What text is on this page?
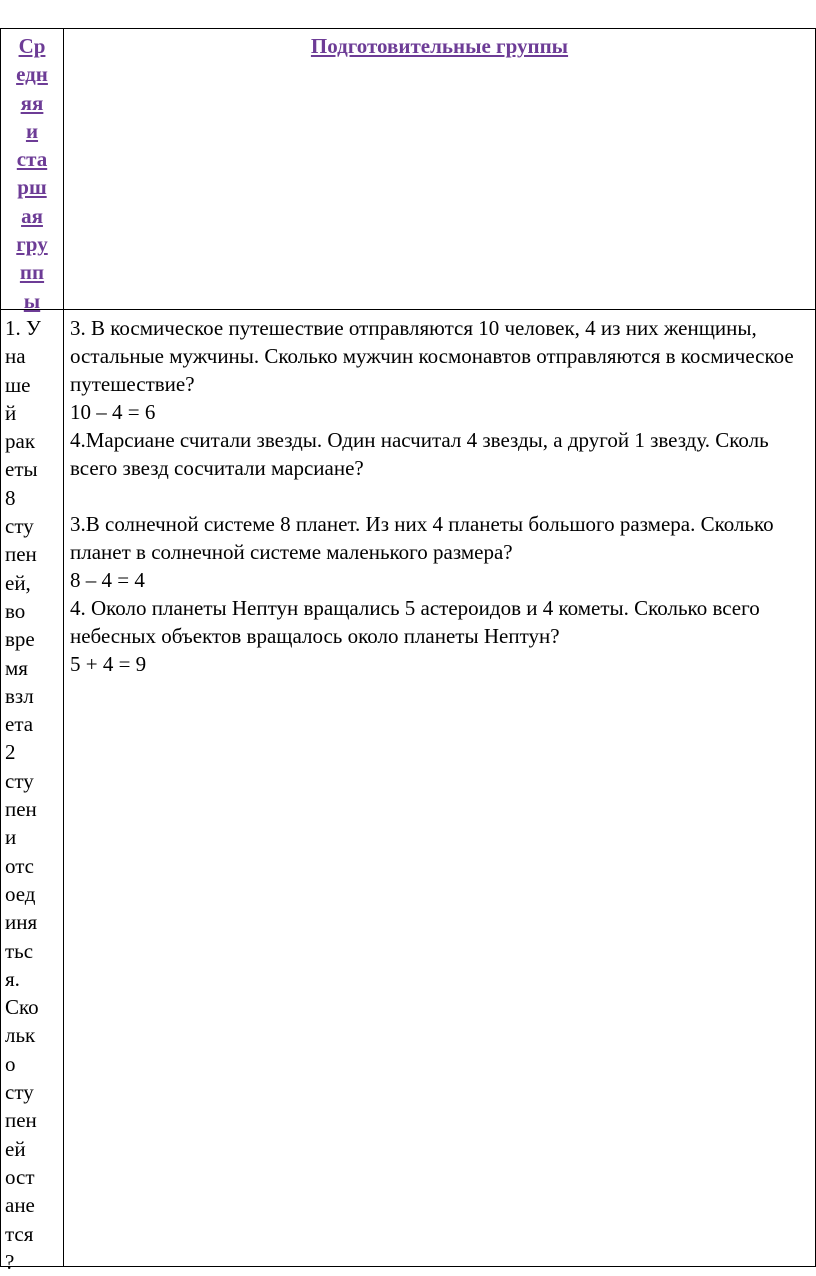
Ср
едн
яя
и
ста
рш
ая
гру
пп
ы
Подготовительные группы
1. У
на
ше
й
рак
еты
8
сту
пен
ей,
во
вре
мя
взл
ета
2
сту
пен
и
отс
оед
иня
тьс
я.
Ско
льк
о
сту
пен
ей
ост
ане
тся
?

3. В космическое путешествие отправляются 10 человек, 4 из них женщины, остальные мужчины. Сколько мужчин космонавтов отправляются в космическое путешествие?

10 – 4 = 6

4.Марсиане считали звезды. Один насчитал 4 звезды, а другой 1 звезду. Сколь всего звезд сосчитали марсиане?

3.В солнечной системе 8 планет. Из них 4 планеты большого размера. Сколько планет в солнечной системе маленького размера?

8 – 4 = 4

4. Около планеты Нептун вращались 5 астероидов и 4 кометы. Сколько всего небесных объектов вращалось около планеты Нептун?

5 + 4 = 9
